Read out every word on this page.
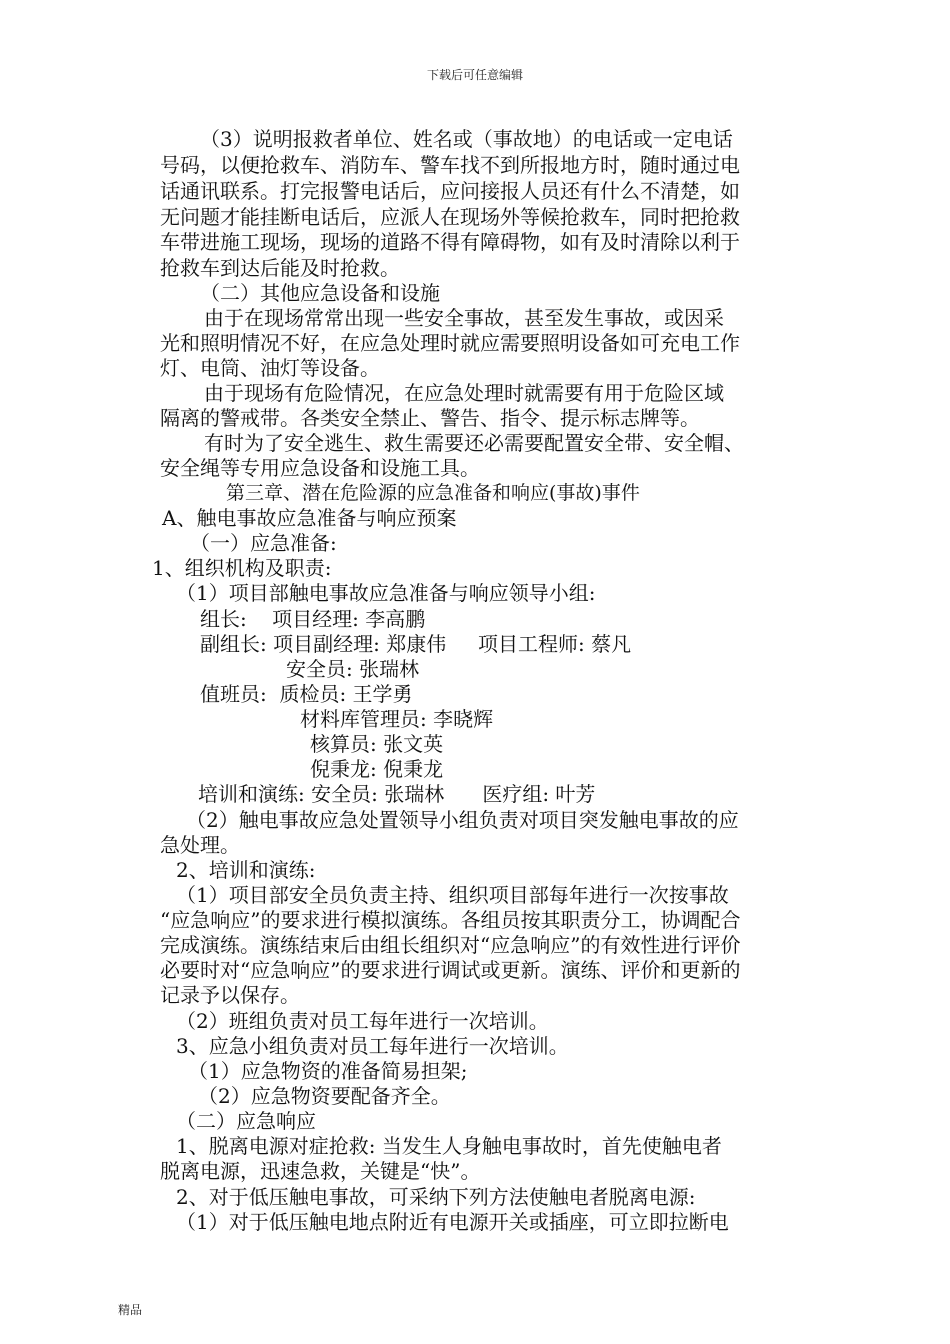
下载后可任意编辑
（3）说明报救者单位、姓名或（事故地）的电话或一定电话
号码，以便抢救车、消防车、警车找不到所报地方时，随时通过电
话通讯联系。打完报警电话后，应问接报人员还有什么不清楚，如
无问题才能挂断电话后，应派人在现场外等候抢救车，同时把抢救
车带进施工现场，现场的道路不得有障碍物，如有及时清除以利于
抢救车到达后能及时抢救。
（二）其他应急设备和设施
由于在现场常常出现一些安全事故，甚至发生事故，或因采
光和照明情况不好，在应急处理时就应需要照明设备如可充电工作
灯、电筒、油灯等设备。
由于现场有危险情况，在应急处理时就需要有用于危险区域
隔离的警戒带。各类安全禁止、警告、指令、提示标志牌等。
有时为了安全逃生、救生需要还必需要配置安全带、安全帽、
安全绳等专用应急设备和设施工具。
第三章、潜在危险源的应急准备和响应(事故)事件
A、触电事故应急准备与响应预案
（一）应急准备:
1、组织机构及职责:
（1）项目部触电事故应急准备与响应领导小组:
组长:    项目经理: 李高鹏
副组长: 项目副经理: 郑康伟     项目工程师: 蔡凡
安全员: 张瑞林
值班员:  质检员: 王学勇
材料库管理员: 李晓辉
核算员: 张文英
倪秉龙: 倪秉龙
培训和演练: 安全员: 张瑞林      医疗组: 叶芳
（2）触电事故应急处置领导小组负责对项目突发触电事故的应
急处理。
2、培训和演练:
（1）项目部安全员负责主持、组织项目部每年进行一次按事故
“应急响应”的要求进行模拟演练。各组员按其职责分工，协调配合
完成演练。演练结束后由组长组织对“应急响应”的有效性进行评价
必要时对“应急响应”的要求进行调试或更新。演练、评价和更新的
记录予以保存。
（2）班组负责对员工每年进行一次培训。
3、应急小组负责对员工每年进行一次培训。
（1）应急物资的准备简易担架;
（2）应急物资要配备齐全。
（二）应急响应
1、脱离电源对症抢救: 当发生人身触电事故时，首先使触电者
脱离电源，迅速急救，关键是“快”。
2、对于低压触电事故，可采纳下列方法使触电者脱离电源:
（1）对于低压触电地点附近有电源开关或插座，可立即拉断电
精品
